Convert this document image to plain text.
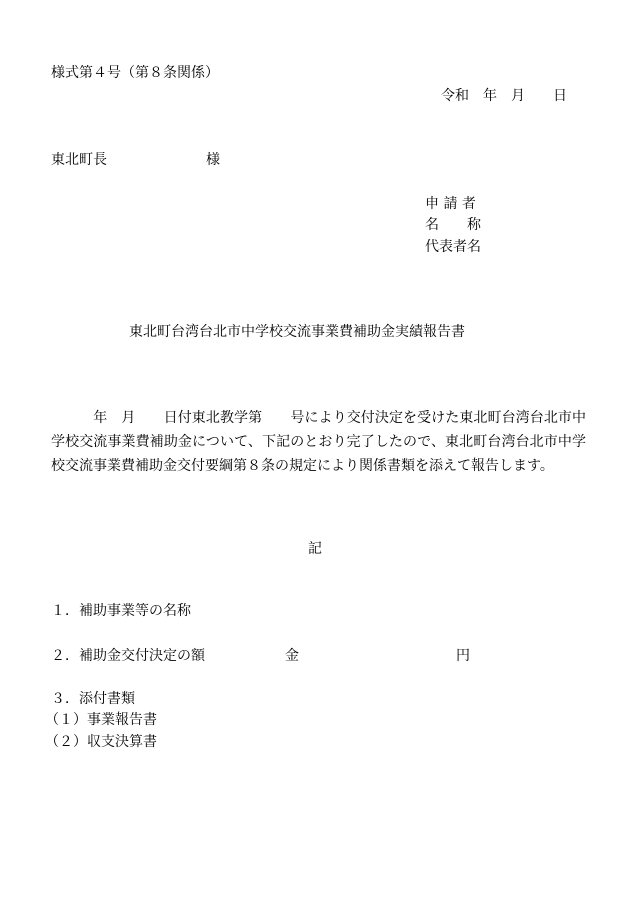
様式第４号（第８条関係）
令和　年　月　　日
東北町長	様
申 請 者
名　　称
代表者名
東北町台湾台北市中学校交流事業費補助金実績報告書
　　　年　月　　日付東北教学第　　号により交付決定を受けた東北町台湾台北市中学校交流事業費補助金について、下記のとおり完了したので、東北町台湾台北市中学校交流事業費補助金交付要綱第８条の規定により関係書類を添えて報告します。
記
１．補助事業等の名称
２．補助金交付決定の額	金	円
３．添付書類
（１）事業報告書
（２）収支決算書
